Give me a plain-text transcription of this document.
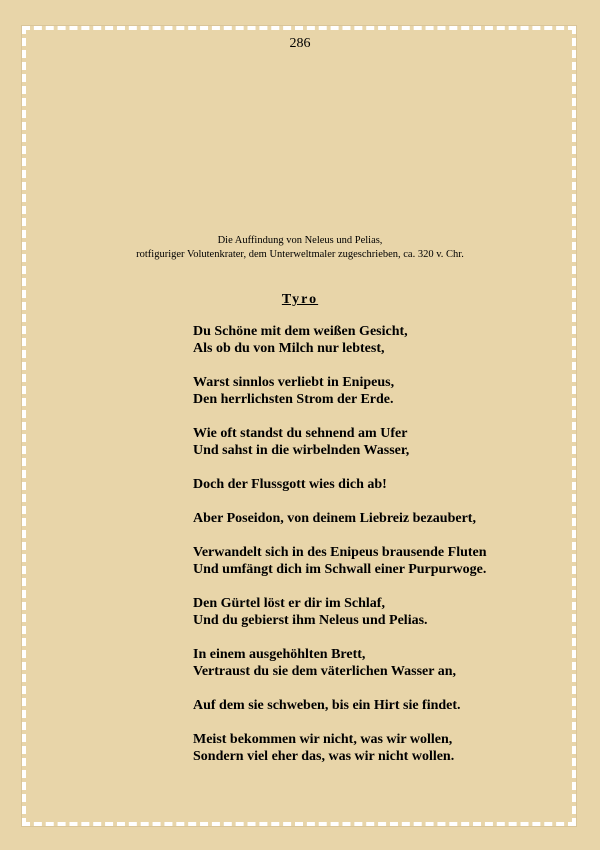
286
Die Auffindung von Neleus und Pelias,
rotfiguriger Volutenkrater, dem Unterweltmaler zugeschrieben, ca. 320 v. Chr.
Tyro
Du Schöne mit dem weißen Gesicht,
Als ob du von Milch nur lebtest,
Warst sinnlos verliebt in Enipeus,
Den herrlichsten Strom der Erde.
Wie oft standst du sehnend am Ufer
Und sahst in die wirbelnden Wasser,
Doch der Flussgott wies dich ab!
Aber Poseidon, von deinem Liebreiz bezaubert,
Verwandelt sich in des Enipeus brausende Fluten
Und umfängt dich im Schwall einer Purpurwoge.
Den Gürtel löst er dir im Schlaf,
Und du gebierst ihm Neleus und Pelias.
In einem ausgehöhlten Brett,
Vertraust du sie dem väterlichen Wasser an,
Auf dem sie schweben, bis ein Hirt sie findet.
Meist bekommen wir nicht, was wir wollen,
Sondern viel eher das, was wir nicht wollen.
